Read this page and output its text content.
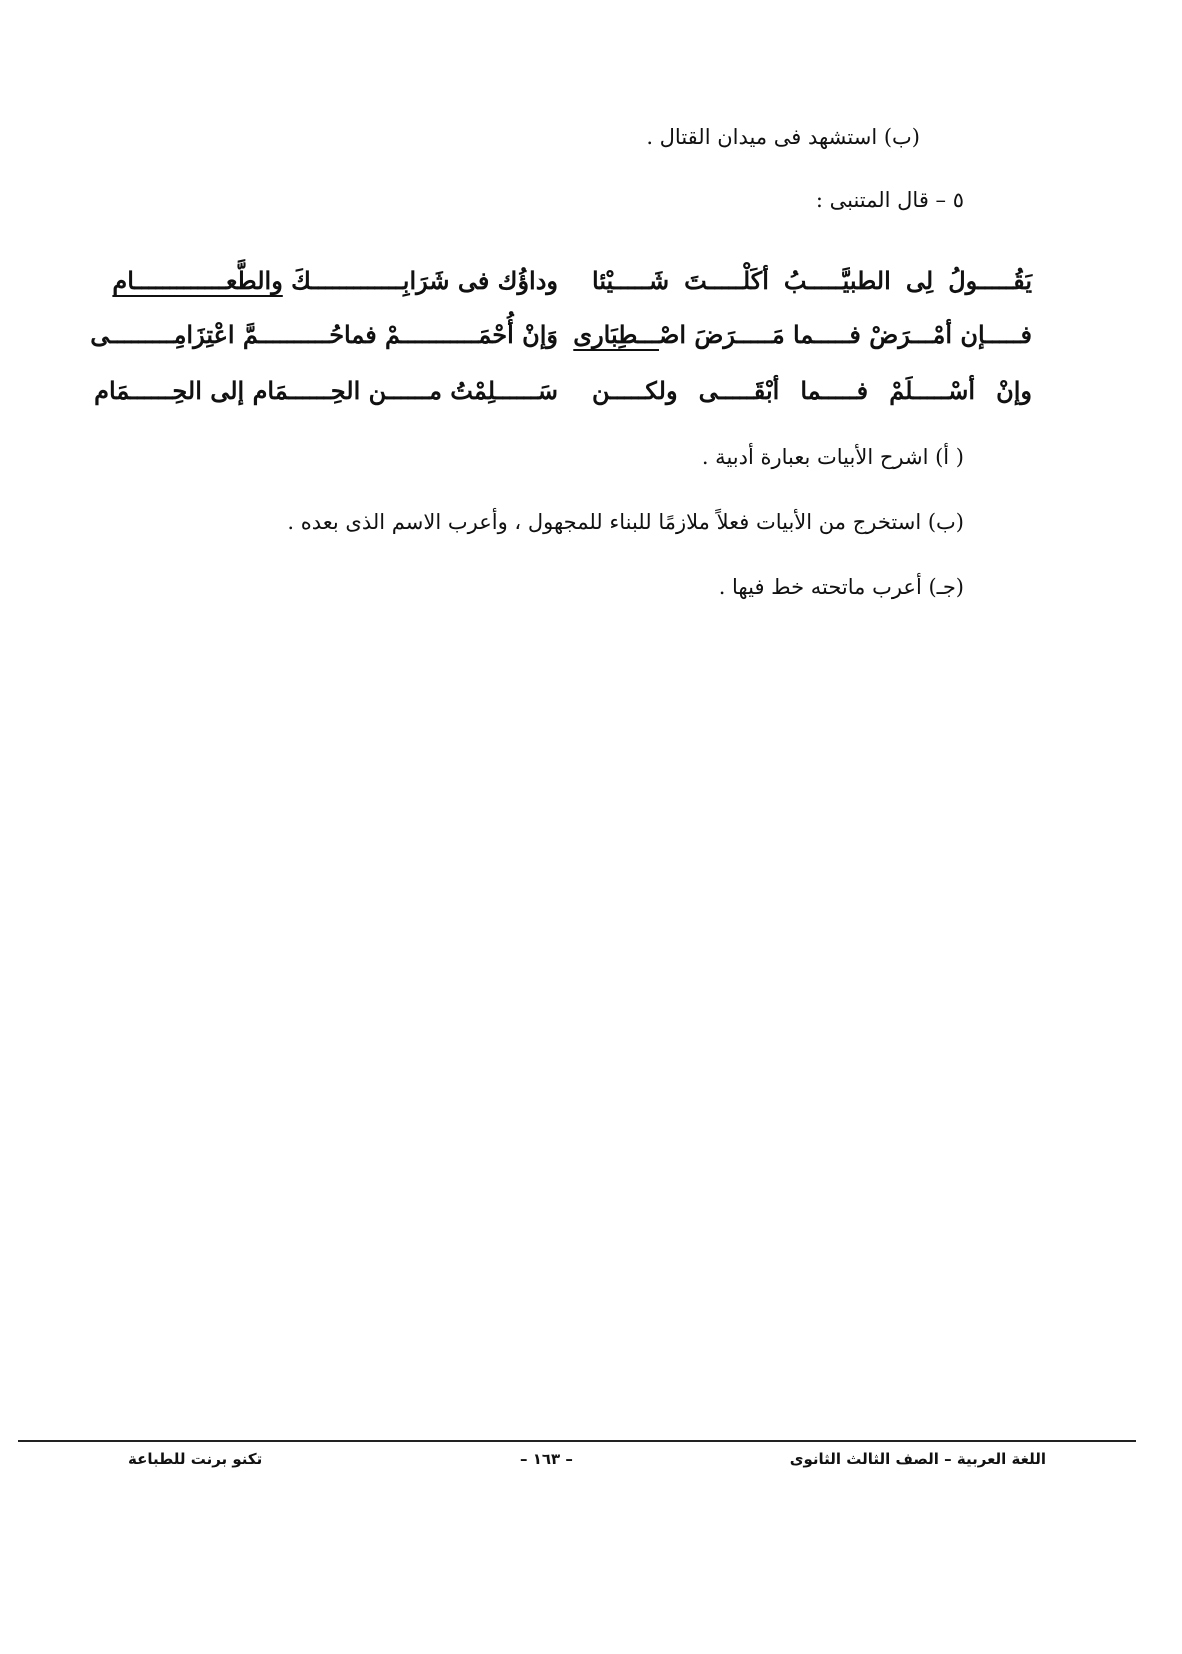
(ب) استشهد فى ميدان القتال .
٥ – قال المتنبى :
يَقُـــــولُ لِى الطبيَّـــــبُ أكَلْـــــتَ شَـــــيْئا
وداؤُك فى شَرَابِـــــــــــــكَ والطَّعـــــــــــــام
فـــــإن أمْـــرَضْ فـــــما مَـــــرَضَ اصْـــطِبَارى
وَإنْ أُحْمَـــــــــــمْ فماحُــــــــــمَّ اعْتِزَامِـــــــــى
وإنْ أسْـــــلَمْ فـــــما أبْقَـــــى ولكـــــن
سَــــــلِمْتُ مــــــن الحِــــــمَام إلى الحِــــــمَام
( أ) اشرح الأبيات بعبارة أدبية .
(ب) استخرج من الأبيات فعلاً ملازمًا للبناء للمجهول ، وأعرب الاسم الذى بعده .
(جـ) أعرب ماتحته خط فيها .
اللغة العربية – الصف الثالث الثانوى
– ١٦٣ –
تكنو برنت للطباعة
